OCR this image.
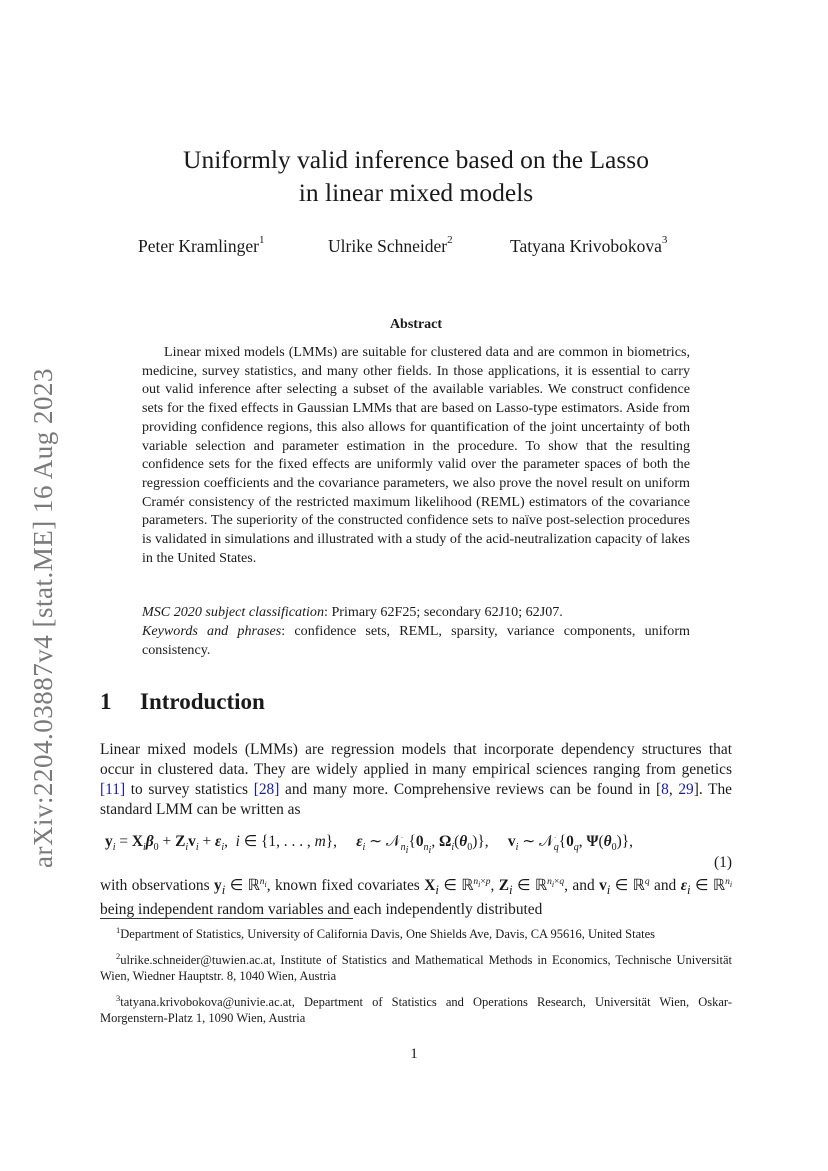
arXiv:2204.03887v4 [stat.ME] 16 Aug 2023
Uniformly valid inference based on the Lasso
in linear mixed models
Peter Kramlinger$^1$	Ulrike Schneider$^2$	Tatyana Krivobokova$^3$
Abstract

Linear mixed models (LMMs) are suitable for clustered data and are common in biometrics, medicine, survey statistics, and many other fields. In those applications, it is essential to carry out valid inference after selecting a subset of the available variables. We construct confidence sets for the fixed effects in Gaussian LMMs that are based on Lasso-type estimators. Aside from providing confidence regions, this also allows for quantification of the joint uncertainty of both variable selection and parameter estimation in the procedure. To show that the resulting confidence sets for the fixed effects are uniformly valid over the parameter spaces of both the regression coefficients and the covariance parameters, we also prove the novel result on uniform Cramér consistency of the restricted maximum likelihood (REML) estimators of the covariance parameters. The superiority of the constructed confidence sets to naïve post-selection procedures is validated in simulations and illustrated with a study of the acid-neutralization capacity of lakes in the United States.

MSC 2020 subject classification: Primary 62F25; secondary 62J10; 62J07.

Keywords and phrases: confidence sets, REML, sparsity, variance components, uniform consistency.

1 Introduction

Linear mixed models (LMMs) are regression models that incorporate dependency structures that occur in clustered data. They are widely applied in many empirical sciences ranging from genetics [11] to survey statistics [28] and many more. Comprehensive reviews can be found in [8, 29]. The standard LMM can be written as

$y_i = X_i\beta_0 + Z_iv_i + \varepsilon_i$,  i ∈ {1, . . . , m},     $\varepsilon_i$ ∼ $𝒩_{n_i}\{0_{n_i}$, $\Omega_i(\theta_0)$},     $v_i$ ∼ $𝒩_q\{0_q$, $\Psi(\theta_0)$},
(1)

with observations $y_i$ ∈ ℝ$^{n_i}$, known fixed covariates $X_i$ ∈ ℝ$^{n_i\times p}$, $Z_i$ ∈ ℝ$^{n_i\times q}$, and $v_i$ ∈ ℝ$^q$ and $\varepsilon_i$ ∈ ℝ$^{n_i}$ being independent random variables and each independently distributed

$^1$Department of Statistics, University of California Davis, One Shields Ave, Davis, CA 95616, United States

$^2$ulrike.schneider@tuwien.ac.at, Institute of Statistics and Mathematical Methods in Economics, Technische Universität Wien, Wiedner Hauptstr. 8, 1040 Wien, Austria

$^3$tatyana.krivobokova@univie.ac.at, Department of Statistics and Operations Research, Universität Wien, Oskar-Morgenstern-Platz 1, 1090 Wien, Austria

1
